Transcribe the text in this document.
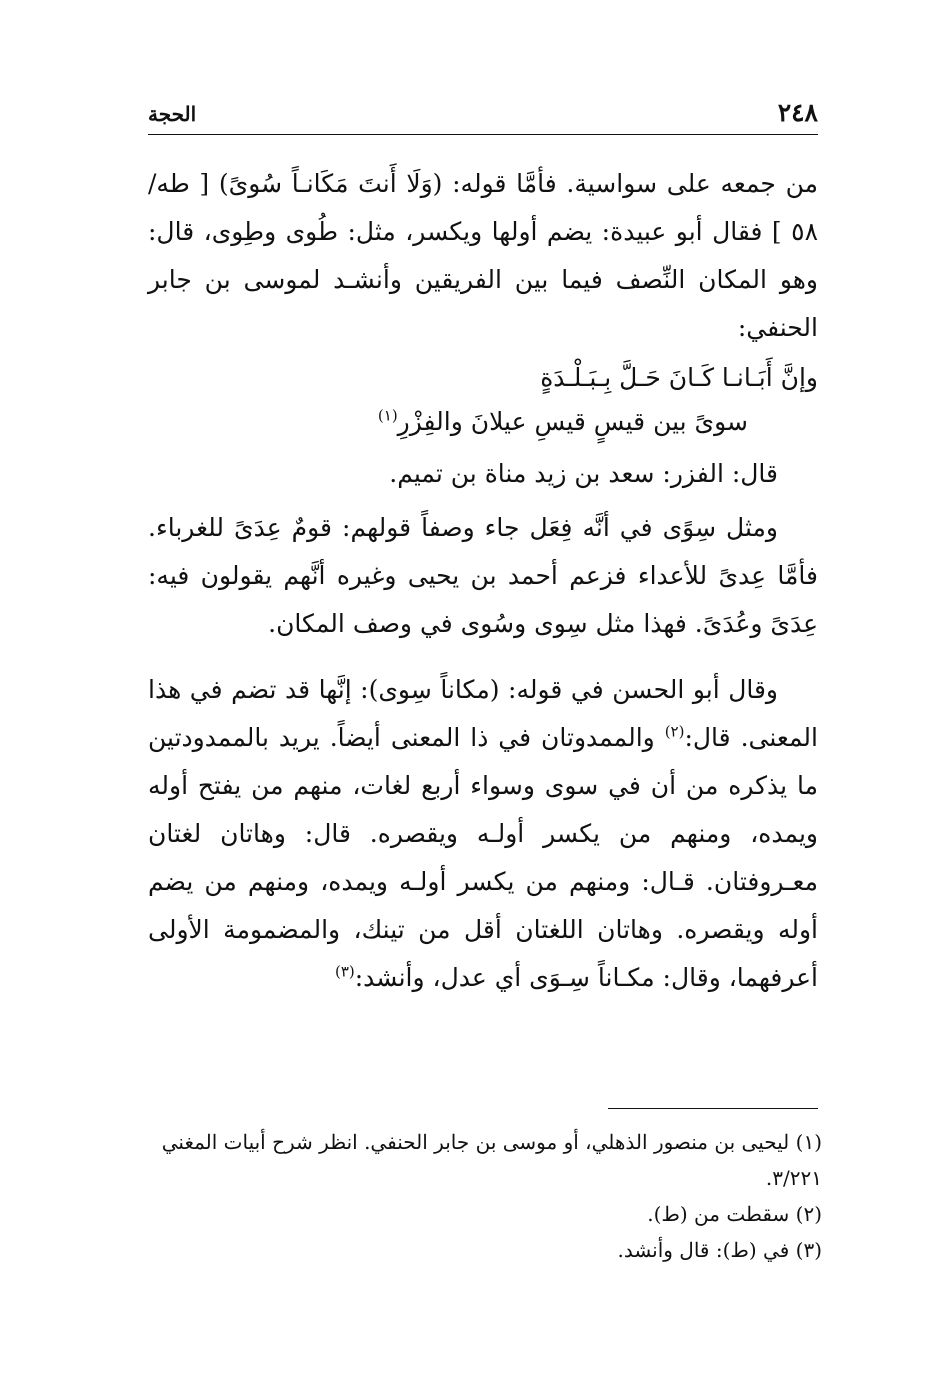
٢٤٨
الحجة

من جمعه على سواسية. فأمَّا قوله: (وَلَا أَنتَ مَكَانـاً سُوىً) [ طه/٥٨ ] فقال أبو عبيدة: يضم أولها ويكسر، مثل: طُوى وطِوى، قال: وهو المكان النِّصف فيما بين الفريقين وأنشـد لموسى بن جابر الحنفي:

وإنَّ أَبَـانـا كَـانَ حَـلَّ بِـبَـلْـدَةٍ

سوىً بين قيسٍ قيسِ عيلانَ والفِزْرِ$^{(١)}$

قال: الفزر: سعد بن زيد مناة بن تميم.

ومثل سِوًى في أنَّه فِعَل جاء وصفاً قولهم: قومٌ عِدَىً للغرباء. فأمَّا عِدىً للأعداء فزعم أحمد بن يحيى وغيره أنَّهم يقولون فيه: عِدَىً وعُدَىً. فهذا مثل سِوى وسُوى في وصف المكان.

وقال أبو الحسن في قوله: (مكاناً سِوى): إنَّها قد تضم في هذا المعنى. قال:$^{(٢)}$ والممدوتان في ذا المعنى أيضاً. يريد بالممدودتين ما يذكره من أن في سوى وسواء أربع لغات، منهم من يفتح أوله ويمده، ومنهم من يكسر أولـه ويقصره. قال: وهاتان لغتان معـروفتان. قـال: ومنهم من يكسر أولـه ويمده، ومنهم من يضم أوله ويقصره. وهاتان اللغتان أقل من تينك، والمضمومة الأولى أعرفهما، وقال: مكـاناً سِـوَى أي عدل، وأنشد:$^{(٣)}$

(١) ليحيى بن منصور الذهلي، أو موسى بن جابر الحنفي. انظر شرح أبيات المغني ٣/٢٢١.

(٢) سقطت من (ط).

(٣) في (ط): قال وأنشد.
